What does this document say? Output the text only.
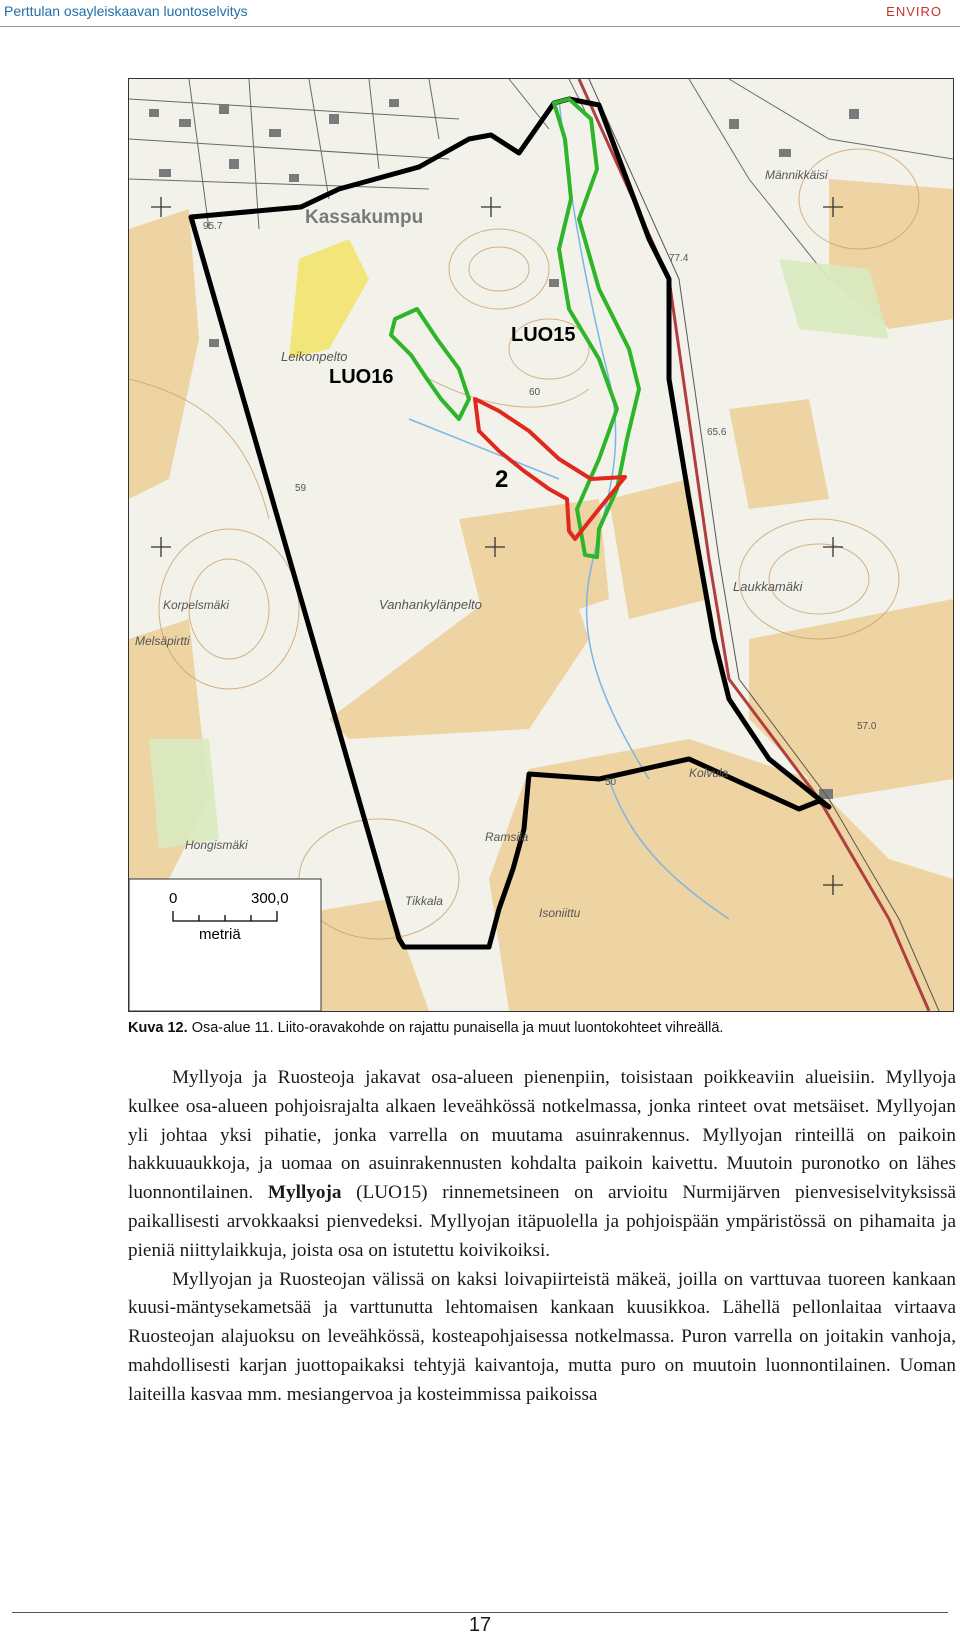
Perttulan osayleiskaavan luontoselvitys	ENVIRO
95.7
77.4
65.6
57.0
50
60
59
Kassakumpu
Leikonpelto
Männikkäisi
Laukkamäki
Korpelsmäki
Melsäpirtti
Vanhankylänpelto
Koivula
Hongismäki
Ramsila
Tikkala
Isoniittu
LUO15
LUO16
2
0	300,0
metriä
Kuva 12. Osa-alue 11. Liito-oravakohde on rajattu punaisella ja muut luontokohteet vihreällä.

Myllyoja ja Ruosteoja jakavat osa-alueen pienenpiin, toisistaan poikkeaviin alueisiin. Myllyoja kulkee osa-alueen pohjoisrajalta alkaen leveähkössä notkelmassa, jonka rinteet ovat metsäiset. Myllyojan yli johtaa yksi pihatie, jonka varrella on muutama asuinrakennus. Myllyojan rinteillä on paikoin hakkuuaukkoja, ja uomaa on asuinrakennusten kohdalta paikoin kaivettu. Muutoin puronotko on lähes luonnontilainen. Myllyoja (LUO15) rinnemetsineen on arvioitu Nurmijärven pienvesiselvityksissä paikallisesti arvokkaaksi pienvedeksi. Myllyojan itäpuolella ja pohjoispään ympäristössä on pihamaita ja pieniä niittylaikkuja, joista osa on istutettu koivikoiksi.

Myllyojan ja Ruosteojan välissä on kaksi loivapiirteistä mäkeä, joilla on varttuvaa tuoreen kankaan kuusi-mäntysekametsää ja varttunutta lehtomaisen kankaan kuusikkoa. Lähellä pellonlaitaa virtaava Ruosteojan alajuoksu on leveähkössä, kosteapohjaisessa notkelmassa. Puron varrella on joitakin vanhoja, mahdollisesti karjan juottopaikaksi tehtyjä kaivantoja, mutta puro on muutoin luonnontilainen. Uoman laiteilla kasvaa mm. mesiangervoa ja kosteimmissa paikoissa

17
